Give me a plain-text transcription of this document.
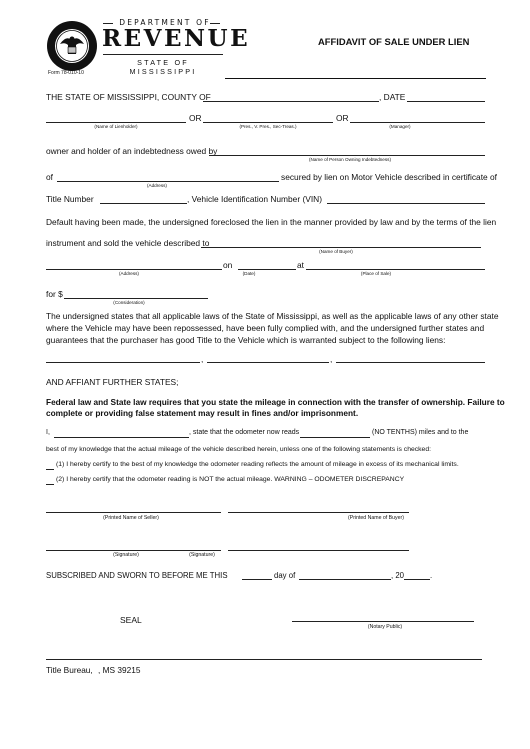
DEPARTMENT OF
REVENUE
STATE OF MISSISSIPPI
Form 78-010-10
AFFIDAVIT OF SALE UNDER LIEN
THE STATE OF MISSISSIPPI, COUNTY OF	, DATE
OR	OR
(Name of Lienholder)	(Pres., V. Pres., Sec-Treas.)	(Manager)
owner and holder of an indebtedness owed by
(Name of Person Owning Indebtedness)
of	secured by lien on Motor Vehicle described in certificate of
(Address)
Title Number	, Vehicle Identification Number (VIN)
Default having been made, the undersigned foreclosed the lien in the manner provided by law and by the terms of the lien
instrument and sold the vehicle described to
(Name of Buyer)
on	at
(Address)	(Date)	(Place of Sale)
for $
(Consideration)
The undersigned states that all applicable laws of the State of Mississippi, as well as the applicable laws of any other state
where the Vehicle may have been repossessed, have been fully complied with, and the undersigned further states and
guarantees that the purchaser has good Title to the Vehicle which is warranted subject to the following liens:
,	,
AND AFFIANT FURTHER STATES;
Federal law and State law requires that you state the mileage in connection with the transfer of ownership. Failure to
complete or providing false statement may result in fines and/or imprisonment.
I,	, state that the odometer now reads	(NO TENTHS) miles and to the
best of my knowledge that the actual mileage of the vehicle described herein, unless one of the following statements is checked:
(1) I hereby certify to the best of my knowledge the odometer reading reflects the amount of mileage in excess of its mechanical limits.
(2) I hereby certify that the odometer reading is NOT the actual mileage. WARNING – ODOMETER DISCREPANCY
(Printed Name of Seller)	(Printed Name of Buyer)
(Signature)	(Signature)
SUBSCRIBED AND SWORN TO BEFORE ME THIS	day of	, 20	.
SEAL
(Notary Public)
Title Bureau, , MS 39215
